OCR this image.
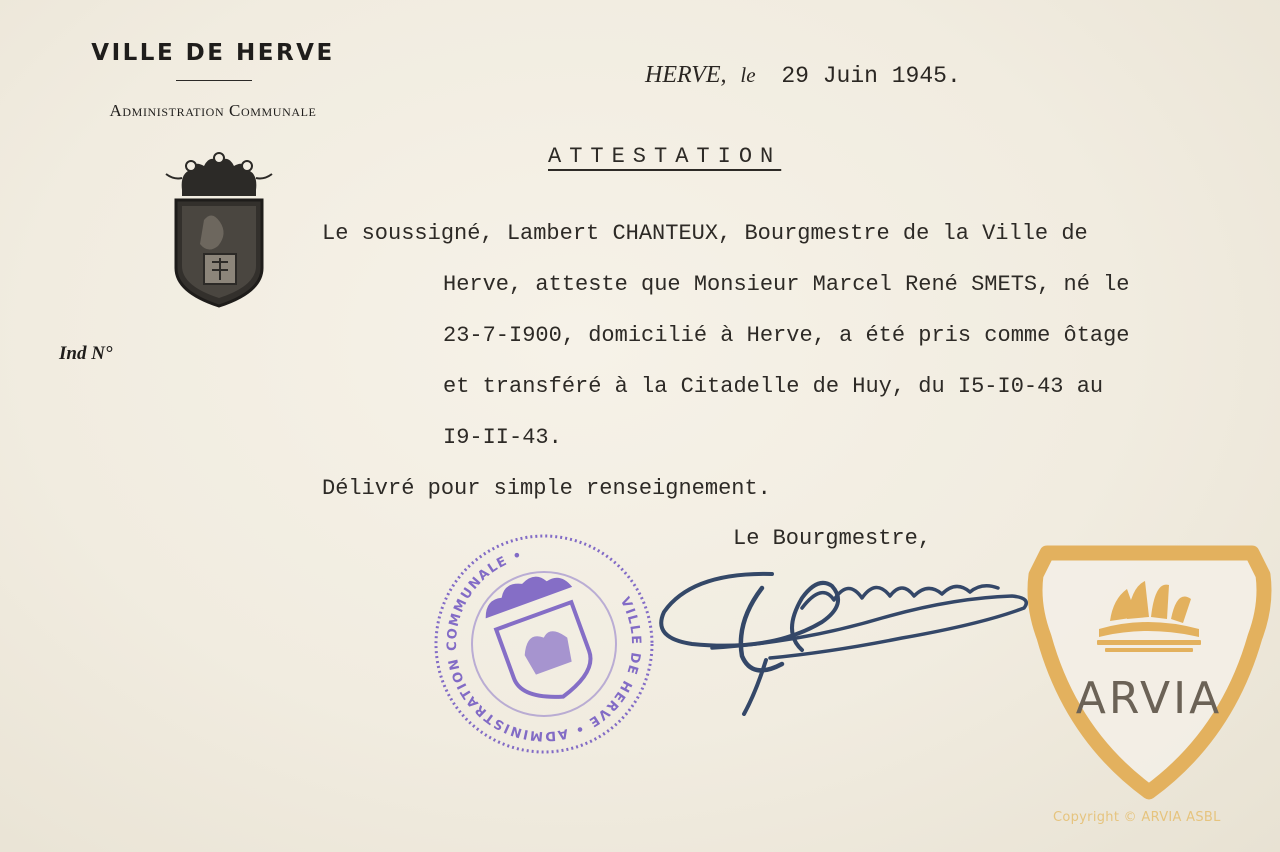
VILLE DE HERVE
Administration Communale
Ind N°
HERVE, le 29 Juin 1945.
ATTESTATION
Le soussigné, Lambert CHANTEUX, Bourgmestre de la Ville de
Herve, atteste que Monsieur Marcel René SMETS, né le
23-7-I900, domicilié à Herve, a été pris comme ôtage
et transféré à la Citadelle de Huy, du I5-I0-43 au
I9-II-43.
Délivré pour simple renseignement.
Le Bourgmestre,
VILLE DE HERVE • ADMINISTRATION COMMUNALE •
ARVIA
Copyright © ARVIA ASBL
